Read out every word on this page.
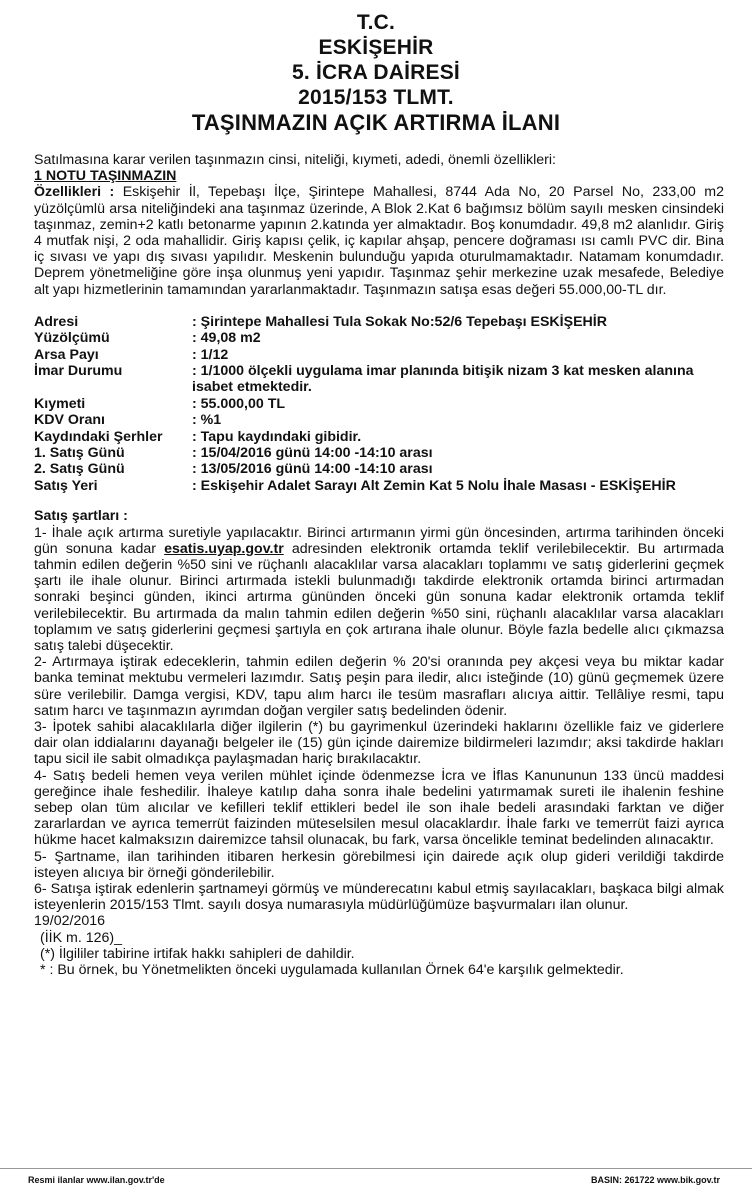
T.C.
ESKİŞEHİR
5. İCRA DAİRESİ
2015/153 TLMT.
TAŞINMAZIN AÇIK ARTIRMA İLANI

Satılmasına karar verilen taşınmazın cinsi, niteliği, kıymeti, adedi, önemli özellikleri:

1 NOTU TAŞINMAZIN

Özellikleri : Eskişehir İl, Tepebaşı İlçe, Şirintepe Mahallesi, 8744 Ada No, 20 Parsel No, 233,00 m2 yüzölçümlü arsa niteliğindeki ana taşınmaz üzerinde, A Blok 2.Kat 6 bağımsız bölüm sayılı mesken cinsindeki taşınmaz, zemin+2 katlı betonarme yapının 2.katında yer almaktadır. Boş konumdadır. 49,8 m2 alanlıdır. Giriş 4 mutfak nişi, 2 oda mahallidir. Giriş kapısı çelik, iç kapılar ahşap, pencere doğraması ısı camlı PVC dir. Bina iç sıvası ve yapı dış sıvası yapılıdır. Meskenin bulunduğu yapıda oturulmamaktadır. Natamam konumdadır. Deprem yönetmeliğine göre inşa olunmuş yeni yapıdır. Taşınmaz şehir merkezine uzak mesafede, Belediye alt yapı hizmetlerinin tamamından yararlanmaktadır. Taşınmazın satışa esas değeri 55.000,00-TL dır.

Adresi	: Şirintepe Mahallesi Tula Sokak No:52/6 Tepebaşı ESKİŞEHİR
Yüzölçümü	: 49,08 m2
Arsa Payı	: 1/12
İmar Durumu	: 1/1000 ölçekli uygulama imar planında bitişik nizam 3 kat mesken alanına isabet etmektedir.
Kıymeti	: 55.000,00 TL
KDV Oranı	: %1
Kaydındaki Şerhler	: Tapu kaydındaki gibidir.
1. Satış Günü	: 15/04/2016 günü 14:00 -14:10 arası
2. Satış Günü	: 13/05/2016 günü 14:00 -14:10 arası
Satış Yeri	: Eskişehir Adalet Sarayı Alt Zemin Kat 5 Nolu İhale Masası - ESKİŞEHİR

Satış şartları :

1- İhale açık artırma suretiyle yapılacaktır. Birinci artırmanın yirmi gün öncesinden, artırma tarihinden önceki gün sonuna kadar esatis.uyap.gov.tr adresinden elektronik ortamda teklif verilebilecektir. Bu artırmada tahmin edilen değerin %50 sini ve rüçhanlı alacaklılar varsa alacakları toplammı ve satış giderlerini geçmek şartı ile ihale olunur. Birinci artırmada istekli bulunmadığı takdirde elektronik ortamda birinci artırmadan sonraki beşinci günden, ikinci artırma gününden önceki gün sonuna kadar elektronik ortamda teklif verilebilecektir. Bu artırmada da malın tahmin edilen değerin %50 sini, rüçhanlı alacaklılar varsa alacakları toplamım ve satış giderlerini geçmesi şartıyla en çok artırana ihale olunur. Böyle fazla bedelle alıcı çıkmazsa satış talebi düşecektir.

2- Artırmaya iştirak edeceklerin, tahmin edilen değerin % 20'si oranında pey akçesi veya bu miktar kadar banka teminat mektubu vermeleri lazımdır. Satış peşin para iledir, alıcı isteğinde (10) günü geçmemek üzere süre verilebilir. Damga vergisi, KDV, tapu alım harcı ile tesüm masrafları alıcıya aittir. Tellâliye resmi, tapu satım harcı ve taşınmazın ayrımdan doğan vergiler satış bedelinden ödenir.

3- İpotek sahibi alacaklılarla diğer ilgilerin (*) bu gayrimenkul üzerindeki haklarını özellikle faiz ve giderlere dair olan iddialarını dayanağı belgeler ile (15) gün içinde dairemize bildirmeleri lazımdır; aksi takdirde hakları tapu sicil ile sabit olmadıkça paylaşmadan hariç bırakılacaktır.

4- Satış bedeli hemen veya verilen mühlet içinde ödenmezse İcra ve İflas Kanununun 133 üncü maddesi gereğince ihale feshedilir. İhaleye katılıp daha sonra ihale bedelini yatırmamak sureti ile ihalenin feshine sebep olan tüm alıcılar ve kefilleri teklif ettikleri bedel ile son ihale bedeli arasındaki farktan ve diğer zararlardan ve ayrıca temerrüt faizinden müteselsilen mesul olacaklardır. İhale farkı ve temerrüt faizi ayrıca hükme hacet kalmaksızın dairemizce tahsil olunacak, bu fark, varsa öncelikle teminat bedelinden alınacaktır.

5- Şartname, ilan tarihinden itibaren herkesin görebilmesi için dairede açık olup gideri verildiği takdirde isteyen alıcıya bir örneği gönderilebilir.

6- Satışa iştirak edenlerin şartnameyi görmüş ve münderecatını kabul etmiş sayılacakları, başkaca bilgi almak isteyenlerin 2015/153 Tlmt. sayılı dosya numarasıyla müdürlüğümüze başvurmaları ilan olunur.

19/02/2016

(İİK m. 126)_

(*) İlgililer tabirine irtifak hakkı sahipleri de dahildir.

* : Bu örnek, bu Yönetmelikten önceki uygulamada kullanılan Örnek 64'e karşılık gelmektedir.

Resmi ilanlar www.ilan.gov.tr'de	BASIN: 261722 www.bik.gov.tr
